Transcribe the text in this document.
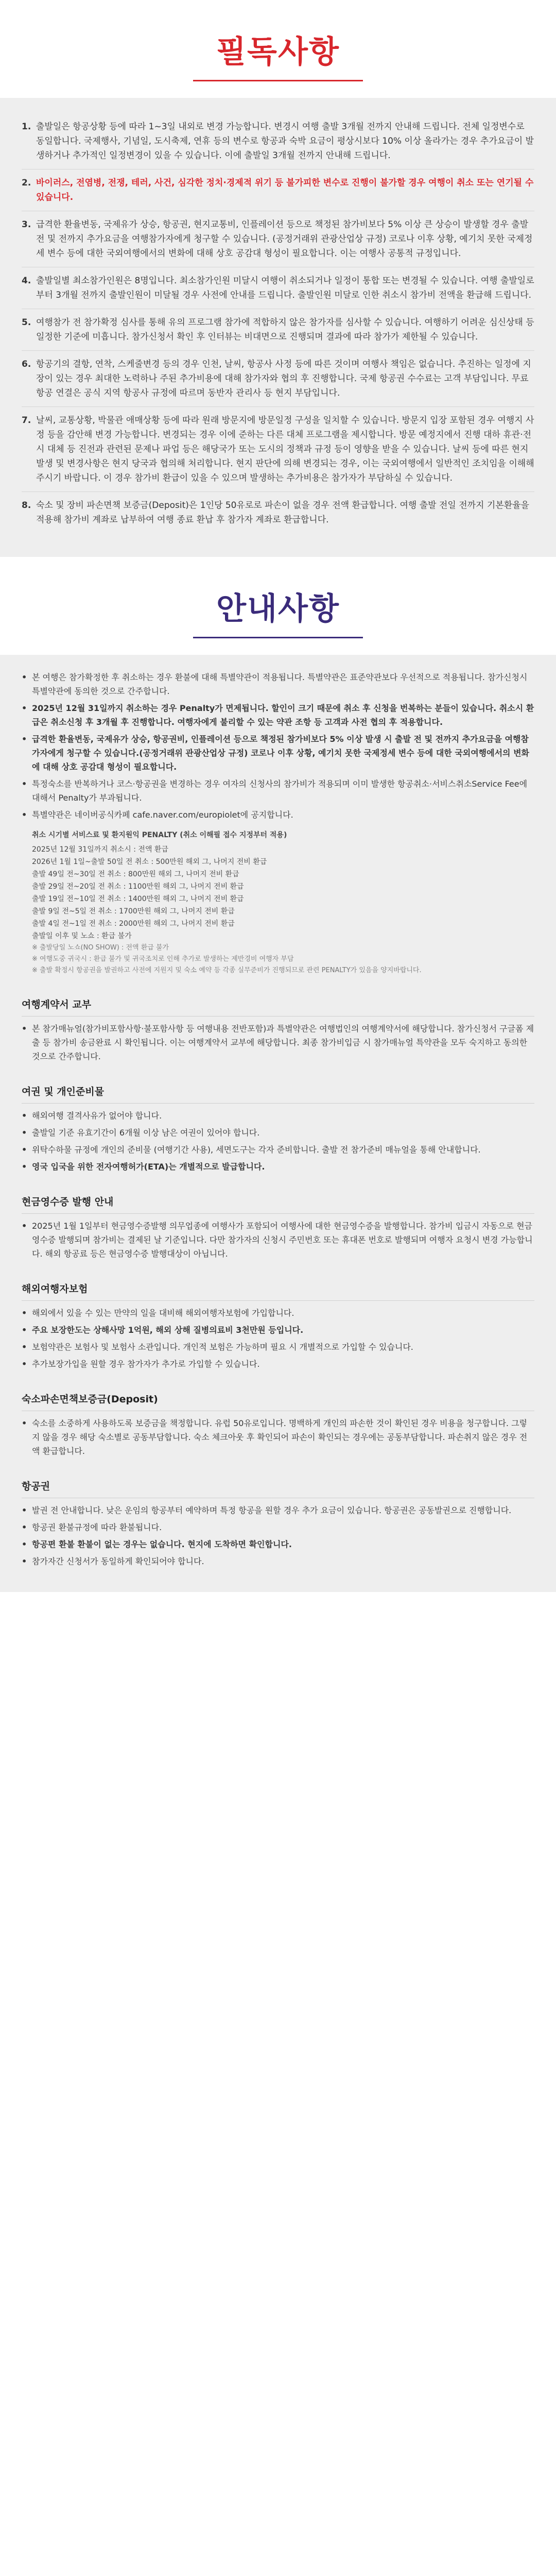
필독사항
1. 출발일은 항공상황 등에 따라 1~3일 내외로 변경 가능합니다. 변경시 여행 출발 3개월 전까지 안내해 드립니다. 전체 일정변수로 동일합니다. 국제행사, 기념일, 도시축제, 연휴 등의 변수로 항공과 숙박 요금이 평상시보다 10% 이상 올라가는 경우 추가요금이 발생하거나 추가적인 일정변경이 있을 수 있습니다. 이에 출발일 3개월 전까지 안내해 드립니다.
2. 바이러스, 전염병, 전쟁, 테러, 사건, 심각한 정치·경제적 위기 등 불가피한 변수로 진행이 불가할 경우 여행이 취소 또는 연기될 수 있습니다.
3. 급격한 환율변동, 국제유가 상승, 항공권, 현지교통비, 인플레이션 등으로 책정된 참가비보다 5% 이상 큰 상승이 발생할 경우 출발 전 및 전까지 추가요금을 여행참가자에게 청구할 수 있습니다. (공정거래위 관광산업상 규정) 코로나 이후 상황, 예기치 못한 국제정세 변수 등에 대한 국외여행에서의 변화에 대해 상호 공감대 형성이 필요합니다. 이는 여행사 공통적 규정입니다.
4. 출발일별 최소참가인원은 8명입니다. 최소참가인원 미달시 여행이 취소되거나 일정이 통합 또는 변경될 수 있습니다. 여행 출발일로부터 3개월 전까지 출발인원이 미달될 경우 사전에 안내를 드립니다. 출발인원 미달로 인한 취소시 참가비 전액을 환급해 드립니다.
5. 여행참가 전 참가확정 심사를 통해 유의 프로그램 참가에 적합하지 않은 참가자를 심사할 수 있습니다. 여행하기 어려운 심신상태 등 일정한 기준에 미흡니다. 참가신청서 확인 후 인터뷰는 비대면으로 진행되며 결과에 따라 참가가 제한될 수 있습니다.
6. 항공기의 결항, 연착, 스케줄변경 등의 경우 인천, 날씨, 항공사 사정 등에 따른 것이며 여행사 책임은 없습니다. 추진하는 일정에 지장이 있는 경우 최대한 노력하나 주된 추가비용에 대해 참가자와 협의 후 진행합니다. 국제 항공권 수수료는 고객 부담입니다. 무료 항공 연결은 공식 지역 항공사 규정에 따르며 동반자 관리사 등 현지 부담입니다.
7. 날씨, 교통상황, 박물관 애매상황 등에 따라 원래 방문지에 방문일정 구성을 일치할 수 있습니다. 방문지 입장 포함된 경우 여행지 사정 등을 감안해 변경 가능합니다. 변경되는 경우 이에 준하는 다른 대체 프로그램을 제시합니다. 방문 예정지에서 진행 대하 휴관·전시 대체 등 진전과 관련된 문제나 파업 등은 해당국가 또는 도시의 정책과 규정 등이 영향을 받을 수 있습니다. 날씨 등에 따른 현지 발생 및 변경사항은 현지 당국과 협의해 처리합니다. 현지 판단에 의해 변경되는 경우, 이는 국외여행에서 일반적인 조치임을 이해해주시기 바랍니다. 이 경우 참가비 환급이 있을 수 있으며 발생하는 추가비용은 참가자가 부담하실 수 있습니다.
8. 숙소 및 장비 파손면책 보증금(Deposit)은 1인당 50유로로 파손이 없을 경우 전액 환급합니다. 여행 출발 전일 전까지 기본환율을 적용해 참가비 계좌로 납부하여 여행 종료 환납 후 참가자 계좌로 환급합니다.
안내사항
• 본 여행은 참가확정한 후 취소하는 경우 환불에 대해 특별약관이 적용됩니다. 특별약관은 표준약관보다 우선적으로 적용됩니다. 참가신청시 특별약관에 동의한 것으로 간주합니다.
• 2025년 12월 31일까지 취소하는 경우 Penalty가 면제됩니다. 할인이 크기 때문에 취소 후 신청을 번복하는 분들이 있습니다. 취소시 환급은 취소신청 후 3개월 후 진행합니다. 여행자에게 불리할 수 있는 약관 조항 등 고객과 사전 협의 후 적용합니다.
• 급격한 환율변동, 국제유가 상승, 항공권비, 인플레이션 등으로 책정된 참가비보다 5% 이상 발생 시 출발 전 및 전까지 추가요금을 여행참가자에게 청구할 수 있습니다.(공정거래위 관광산업상 규정) 코로나 이후 상황, 예기치 못한 국제정세 변수 등에 대한 국외여행에서의 변화에 대해 상호 공감대 형성이 필요합니다.
• 특정숙소를 반복하거나 코스·항공권을 변경하는 경우 여자의 신청사의 참가비가 적용되며 이미 발생한 항공취소·서비스취소Service Fee에 대해서 Penalty가 부과됩니다.
• 특별약관은 네이버공식카페 cafe.naver.com/europiolet에 공지합니다.
취소 시기별 서비스료 및 환지원익 PENALTY (취소 이해필 접수 지정부터 적용)
2025년 12월 31일까지 취소시 : 전액 환급
2026년 1월 1일~출발 50일 전 취소 : 500만원 해외 그, 나머지 전비 환급
출발 49일 전~30일 전 취소 : 800만원 해외 그, 나머지 전비 환급
출발 29일 전~20일 전 취소 : 1100만원 해외 그, 나머지 전비 환급
출발 19일 전~10일 전 취소 : 1400만원 해외 그, 나머지 전비 환급
출발 9일 전~5일 전 취소 : 1700만원 해외 그, 나머지 전비 환급
출발 4일 전~1일 전 취소 : 2000만원 해외 그, 나머지 전비 환급
출발일 이후 및 노쇼 : 환급 불가
※ 출발당일 노쇼(NO SHOW) : 전액 환급 불가
※ 여행도중 귀국시 : 환급 불가 및 귀국조치로 인해 추가로 발생하는 제반경비 여행자 부담
※ 출발 확정시 항공권을 발권하고 사전에 지원지 및 숙소 예약 등 각종 실무준비가 진행되므로 관련 PENALTY가 있음을 양지바랍니다.
여행계약서 교부
• 본 참가매뉴얼(참가비포함사항·불포함사항 등 여행내용 전반포함)과 특별약관은 여행법인의 여행계약서에 해당합니다. 참가신청서 구글폼 제출 등 참가비 송금완료 시 확인됩니다. 이는 여행계약서 교부에 해당합니다. 최종 참가비입금 시 참가매뉴얼 특약관을 모두 숙지하고 동의한 것으로 간주합니다.
여권 및 개인준비물
• 해외여행 결격사유가 없어야 합니다.
• 출발일 기준 유효기간이 6개월 이상 남은 여권이 있어야 합니다.
• 위탁수하물 규정에 개인의 준비물 (여행기간 사용), 세면도구는 각자 준비합니다. 출발 전 참가준비 매뉴얼을 통해 안내합니다.
• 영국 입국을 위한 전자여행허가(ETA)는 개별적으로 발급합니다.
현금영수증 발행 안내
• 2025년 1월 1일부터 현금영수증발행 의무업종에 여행사가 포함되어 여행사에 대한 현금영수증을 발행합니다. 참가비 입금시 자동으로 현금영수증 발행되며 참가비는 결제된 날 기준입니다. 다만 참가자의 신청시 주민번호 또는 휴대폰 번호로 발행되며 여행자 요청시 변경 가능합니다. 해외 항공료 등은 현금영수증 발행대상이 아닙니다.
해외여행자보험
• 해외에서 있을 수 있는 만약의 일을 대비해 해외여행자보험에 가입합니다.
• 주요 보장한도는 상해사망 1억원, 해외 상해 질병의료비 3천만원 등입니다.
• 보험약관은 보험사 및 보험사 소관입니다. 개인적 보험은 가능하며 필요 시 개별적으로 가입할 수 있습니다.
• 추가보장가입을 원할 경우 참가자가 추가로 가입할 수 있습니다.
숙소파손면책보증금(Deposit)
• 숙소를 소중하게 사용하도록 보증금을 책정합니다. 유럽 50유로입니다. 명백하게 개인의 파손한 것이 확인된 경우 비용을 청구합니다. 그렇지 않을 경우 해당 숙소별로 공동부담합니다. 숙소 체크아웃 후 확인되어 파손이 확인되는 경우에는 공동부담합니다. 파손취지 않은 경우 전액 환급합니다.
항공권
• 발권 전 안내합니다. 낮은 운임의 항공부터 예약하며 특정 항공을 원할 경우 추가 요금이 있습니다. 항공권은 공동발권으로 진행합니다.
• 항공권 환불규정에 따라 환불됩니다.
• 항공편 환불 환불이 없는 경우는 없습니다. 현지에 도착하면 확인합니다.
• 참가자간 신청서가 동일하게 확인되어야 합니다.
